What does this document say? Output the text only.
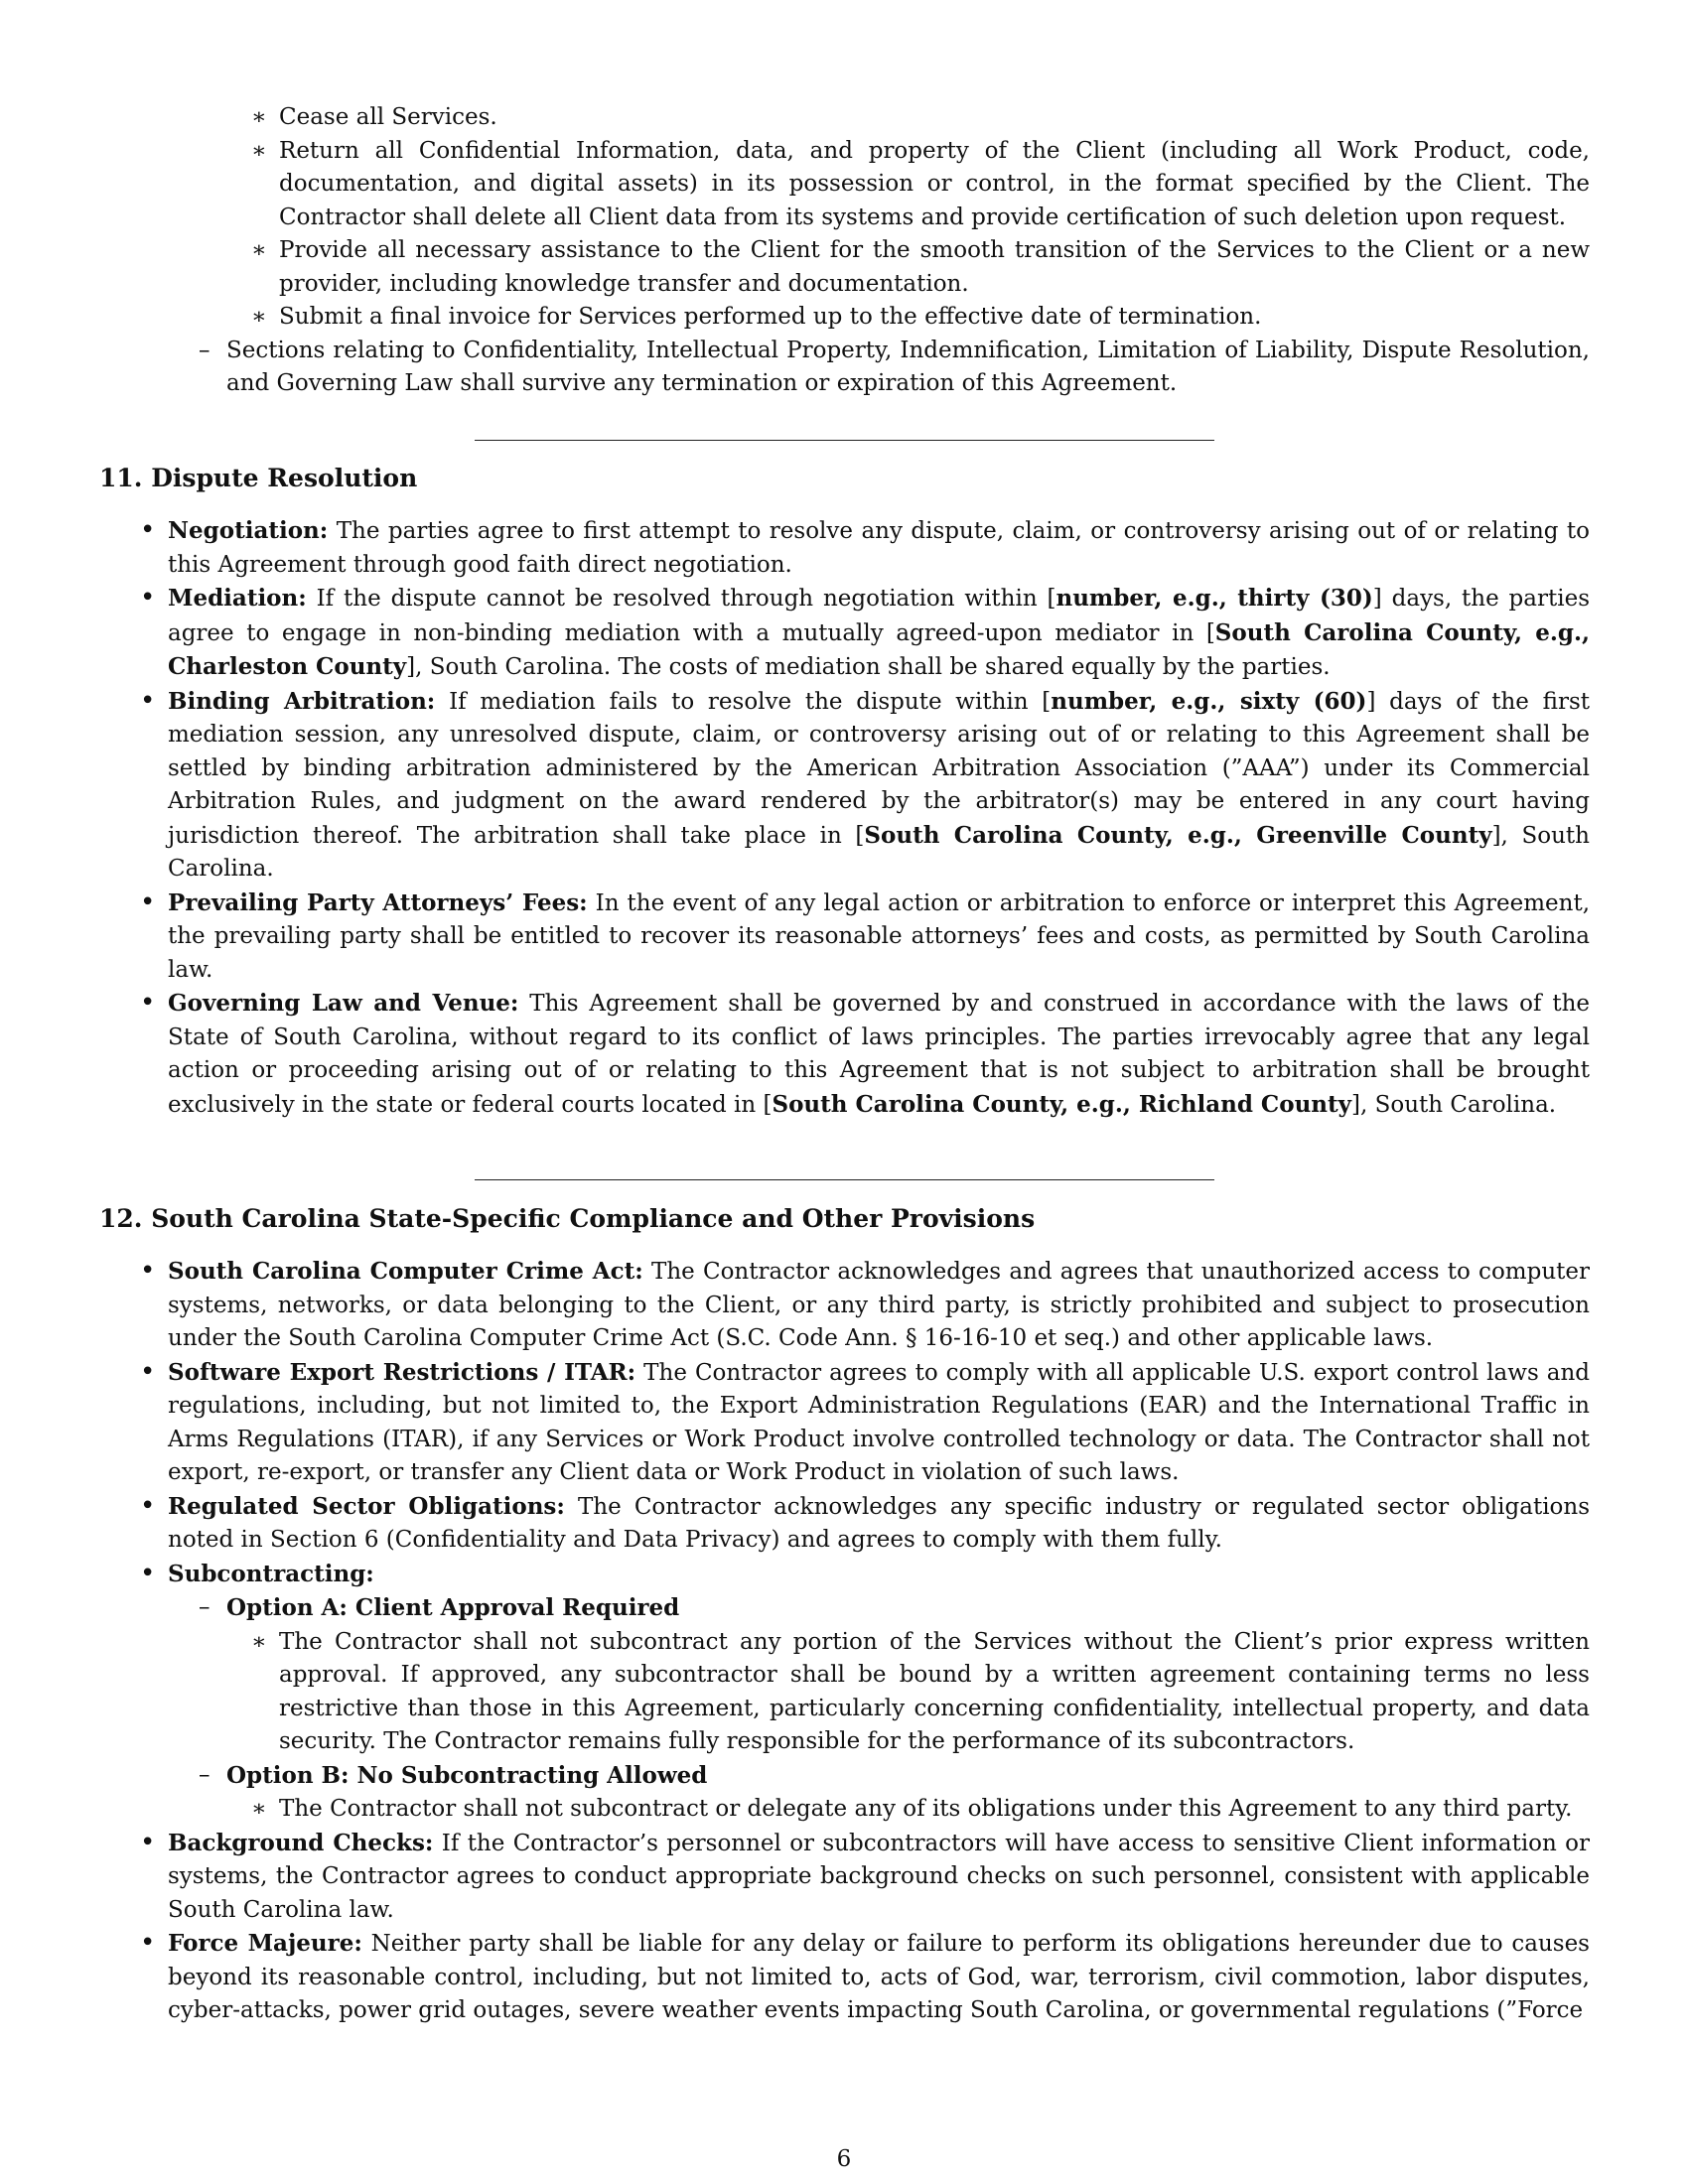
∗ Cease all Services.
∗ Return all Confidential Information, data, and property of the Client (including all Work Product, code, documentation, and digital assets) in its possession or control, in the format specified by the Client. The Contractor shall delete all Client data from its systems and provide certification of such deletion upon request.
∗ Provide all necessary assistance to the Client for the smooth transition of the Services to the Client or a new provider, including knowledge transfer and documentation.
∗ Submit a final invoice for Services performed up to the effective date of termination.
– Sections relating to Confidentiality, Intellectual Property, Indemnification, Limitation of Liability, Dispute Resolution, and Governing Law shall survive any termination or expiration of this Agreement.
11. Dispute Resolution
• Negotiation: The parties agree to first attempt to resolve any dispute, claim, or controversy arising out of or relating to this Agreement through good faith direct negotiation.
• Mediation: If the dispute cannot be resolved through negotiation within [number, e.g., thirty (30)] days, the parties agree to engage in non-binding mediation with a mutually agreed-upon mediator in [South Carolina County, e.g., Charleston County], South Carolina. The costs of mediation shall be shared equally by the parties.
• Binding Arbitration: If mediation fails to resolve the dispute within [number, e.g., sixty (60)] days of the first mediation session, any unresolved dispute, claim, or controversy arising out of or relating to this Agreement shall be settled by binding arbitration administered by the American Arbitration Association (”AAA”) under its Commercial Arbitration Rules, and judgment on the award rendered by the arbitrator(s) may be entered in any court having jurisdiction thereof. The arbitration shall take place in [South Carolina County, e.g., Greenville County], South Carolina.
• Prevailing Party Attorneys’ Fees: In the event of any legal action or arbitration to enforce or interpret this Agreement, the prevailing party shall be entitled to recover its reasonable attorneys’ fees and costs, as permitted by South Carolina law.
• Governing Law and Venue: This Agreement shall be governed by and construed in accordance with the laws of the State of South Carolina, without regard to its conflict of laws principles. The parties irrevocably agree that any legal action or proceeding arising out of or relating to this Agreement that is not subject to arbitration shall be brought exclusively in the state or federal courts located in [South Carolina County, e.g., Richland County], South Carolina.
12. South Carolina State-Specific Compliance and Other Provisions
• South Carolina Computer Crime Act: The Contractor acknowledges and agrees that unauthorized access to computer systems, networks, or data belonging to the Client, or any third party, is strictly prohibited and subject to prosecution under the South Carolina Computer Crime Act (S.C. Code Ann. § 16-16-10 et seq.) and other applicable laws.
• Software Export Restrictions / ITAR: The Contractor agrees to comply with all applicable U.S. export control laws and regulations, including, but not limited to, the Export Administration Regulations (EAR) and the International Traffic in Arms Regulations (ITAR), if any Services or Work Product involve controlled technology or data. The Contractor shall not export, re-export, or transfer any Client data or Work Product in violation of such laws.
• Regulated Sector Obligations: The Contractor acknowledges any specific industry or regulated sector obligations noted in Section 6 (Confidentiality and Data Privacy) and agrees to comply with them fully.
• Subcontracting:
– Option A: Client Approval Required
∗ The Contractor shall not subcontract any portion of the Services without the Client’s prior express written approval. If approved, any subcontractor shall be bound by a written agreement containing terms no less restrictive than those in this Agreement, particularly concerning confidentiality, intellectual property, and data security. The Contractor remains fully responsible for the performance of its subcontractors.
– Option B: No Subcontracting Allowed
∗ The Contractor shall not subcontract or delegate any of its obligations under this Agreement to any third party.
• Background Checks: If the Contractor’s personnel or subcontractors will have access to sensitive Client information or systems, the Contractor agrees to conduct appropriate background checks on such personnel, consistent with applicable South Carolina law.
• Force Majeure: Neither party shall be liable for any delay or failure to perform its obligations hereunder due to causes beyond its reasonable control, including, but not limited to, acts of God, war, terrorism, civil commotion, labor disputes, cyber-attacks, power grid outages, severe weather events impacting South Carolina, or governmental regulations (”Force
6
